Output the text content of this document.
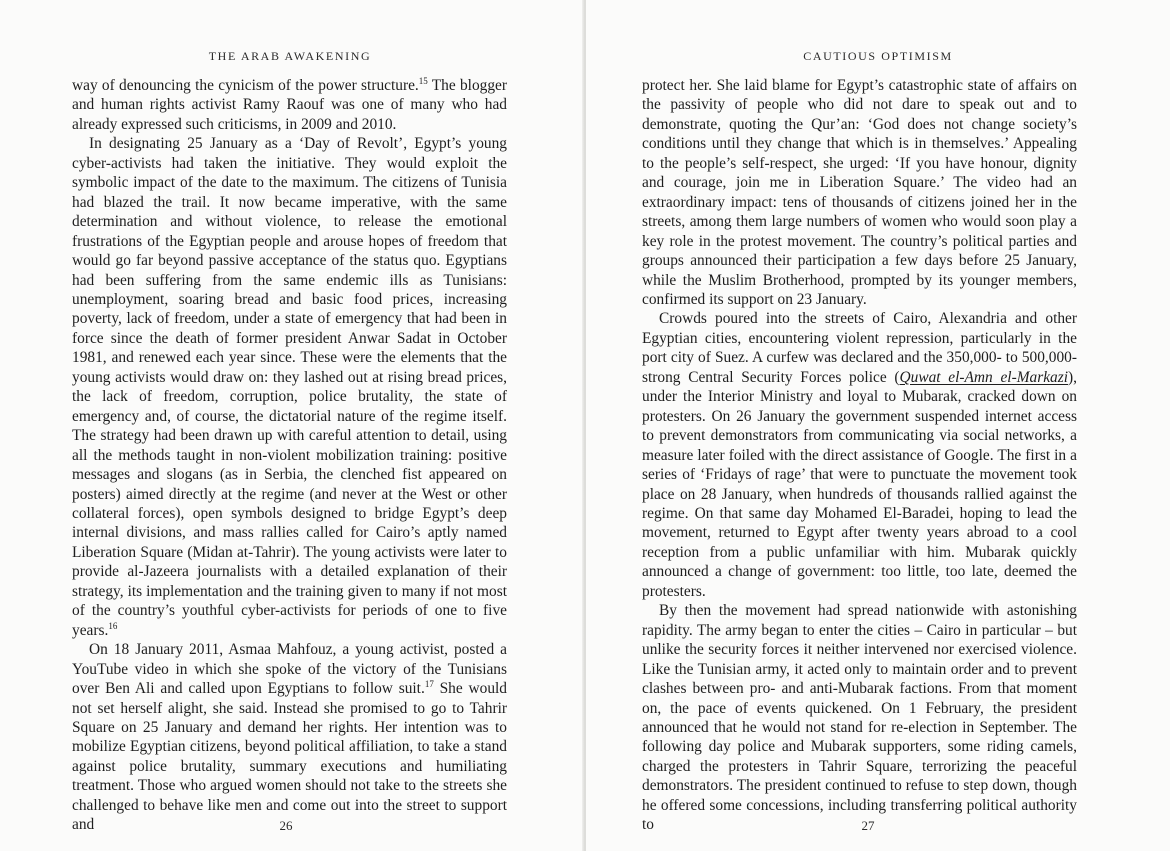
THE ARAB AWAKENING

way of denouncing the cynicism of the power structure.$^{15}$ The blogger and human rights activist Ramy Raouf was one of many who had already expressed such criticisms, in 2009 and 2010.

In designating 25 January as a ‘Day of Revolt’, Egypt’s young cyber-activists had taken the initiative. They would exploit the symbolic impact of the date to the maximum. The citizens of Tunisia had blazed the trail. It now became imperative, with the same determination and without violence, to release the emotional frustrations of the Egyptian people and arouse hopes of freedom that would go far beyond passive acceptance of the status quo. Egyptians had been suffering from the same endemic ills as Tunisians: unemployment, soaring bread and basic food prices, increasing poverty, lack of freedom, under a state of emergency that had been in force since the death of former president Anwar Sadat in October 1981, and renewed each year since. These were the elements that the young activists would draw on: they lashed out at rising bread prices, the lack of freedom, corruption, police brutality, the state of emergency and, of course, the dictatorial nature of the regime itself. The strategy had been drawn up with careful attention to detail, using all the methods taught in non-violent mobilization training: positive messages and slogans (as in Serbia, the clenched fist appeared on posters) aimed directly at the regime (and never at the West or other collateral forces), open symbols designed to bridge Egypt’s deep internal divisions, and mass rallies called for Cairo’s aptly named Liberation Square (Midan at-Tahrir). The young activists were later to provide al-Jazeera journalists with a detailed explanation of their strategy, its implementation and the training given to many if not most of the country’s youthful cyber-activists for periods of one to five years.$^{16}$

On 18 January 2011, Asmaa Mahfouz, a young activist, posted a YouTube video in which she spoke of the victory of the Tunisians over Ben Ali and called upon Egyptians to follow suit.$^{17}$ She would not set herself alight, she said. Instead she promised to go to Tahrir Square on 25 January and demand her rights. Her intention was to mobilize Egyptian citizens, beyond political affiliation, to take a stand against police brutality, summary executions and humiliating treatment. Those who argued women should not take to the streets she challenged to behave like men and come out into the street to support and	26
CAUTIOUS OPTIMISM

protect her. She laid blame for Egypt’s catastrophic state of affairs on the passivity of people who did not dare to speak out and to demonstrate, quoting the Qur’an: ‘God does not change society’s conditions until they change that which is in themselves.’ Appealing to the people’s self-respect, she urged: ‘If you have honour, dignity and courage, join me in Liberation Square.’ The video had an extraordinary impact: tens of thousands of citizens joined her in the streets, among them large numbers of women who would soon play a key role in the protest movement. The country’s political parties and groups announced their participation a few days before 25 January, while the Muslim Brotherhood, prompted by its younger members, confirmed its support on 23 January.

Crowds poured into the streets of Cairo, Alexandria and other Egyptian cities, encountering violent repression, particularly in the port city of Suez. A curfew was declared and the 350,000- to 500,000-strong Central Security Forces police (Quwat el-Amn el-Markazi), under the Interior Ministry and loyal to Mubarak, cracked down on protesters. On 26 January the government suspended internet access to prevent demonstrators from communicating via social networks, a measure later foiled with the direct assistance of Google. The first in a series of ‘Fridays of rage’ that were to punctuate the movement took place on 28 January, when hundreds of thousands rallied against the regime. On that same day Mohamed El-Baradei, hoping to lead the movement, returned to Egypt after twenty years abroad to a cool reception from a public unfamiliar with him. Mubarak quickly announced a change of government: too little, too late, deemed the protesters.

By then the movement had spread nationwide with astonishing rapidity. The army began to enter the cities – Cairo in particular – but unlike the security forces it neither intervened nor exercised violence. Like the Tunisian army, it acted only to maintain order and to prevent clashes between pro- and anti-Mubarak factions. From that moment on, the pace of events quickened. On 1 February, the president announced that he would not stand for re-election in September. The following day police and Mubarak supporters, some riding camels, charged the protesters in Tahrir Square, terrorizing the peaceful demonstrators. The president continued to refuse to step down, though he offered some concessions, including transferring political authority to	27
